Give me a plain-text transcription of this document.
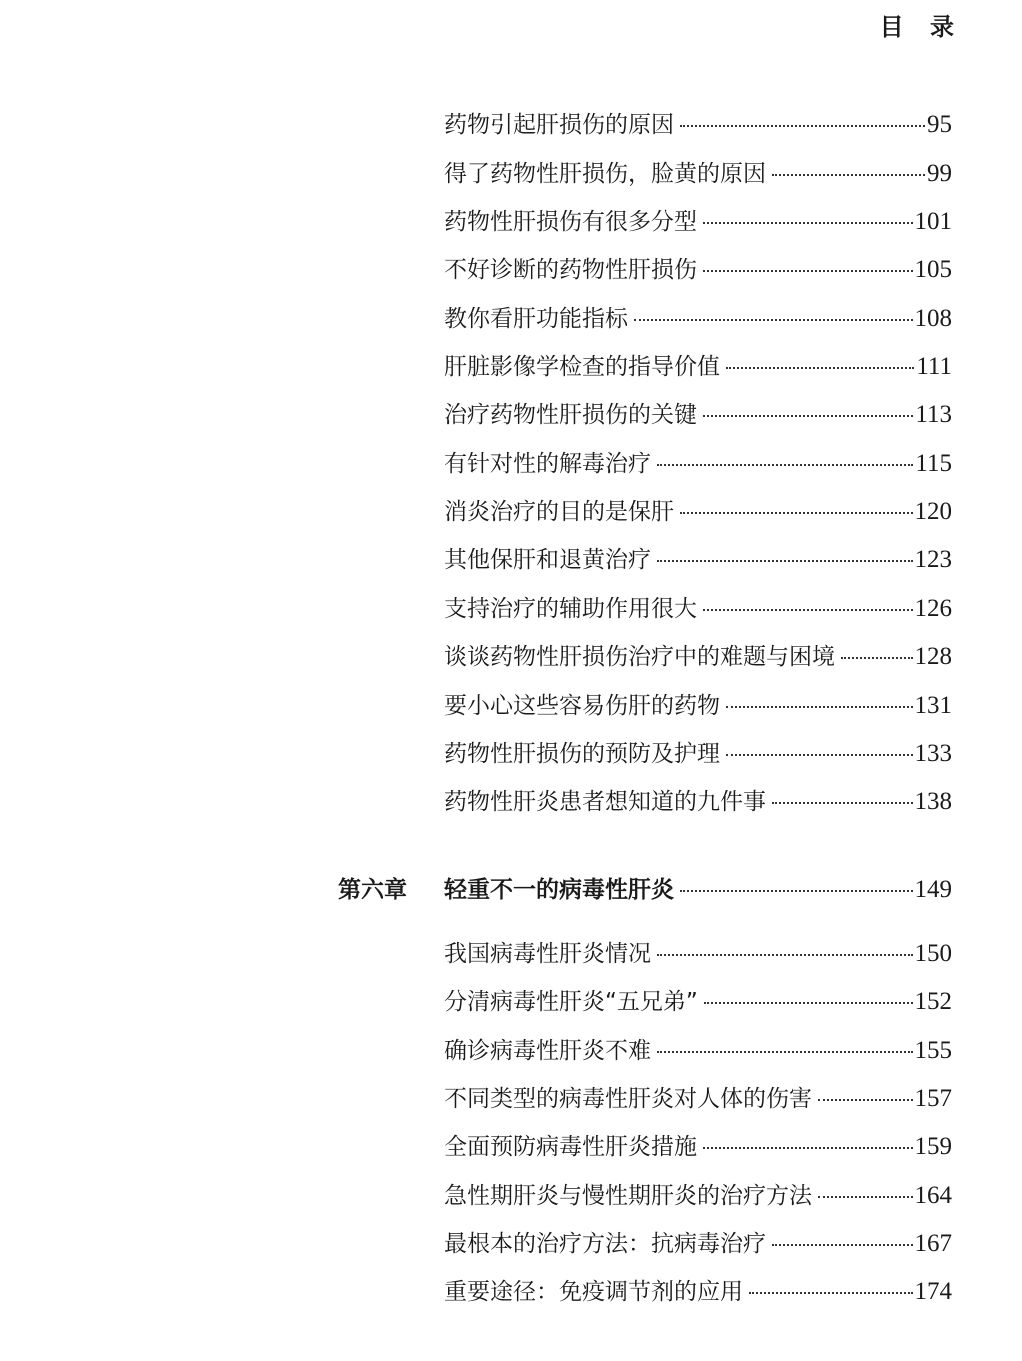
目 录
药物引起肝损伤的原因	95
得了药物性肝损伤，脸黄的原因	99
药物性肝损伤有很多分型	101
不好诊断的药物性肝损伤	105
教你看肝功能指标	108
肝脏影像学检查的指导价值	111
治疗药物性肝损伤的关键	113
有针对性的解毒治疗	115
消炎治疗的目的是保肝	120
其他保肝和退黄治疗	123
支持治疗的辅助作用很大	126
谈谈药物性肝损伤治疗中的难题与困境	128
要小心这些容易伤肝的药物	131
药物性肝损伤的预防及护理	133
药物性肝炎患者想知道的九件事	138
第六章	轻重不一的病毒性肝炎	149
我国病毒性肝炎情况	150
分清病毒性肝炎“五兄弟”	152
确诊病毒性肝炎不难	155
不同类型的病毒性肝炎对人体的伤害	157
全面预防病毒性肝炎措施	159
急性期肝炎与慢性期肝炎的治疗方法	164
最根本的治疗方法：抗病毒治疗	167
重要途径：免疫调节剂的应用	174
